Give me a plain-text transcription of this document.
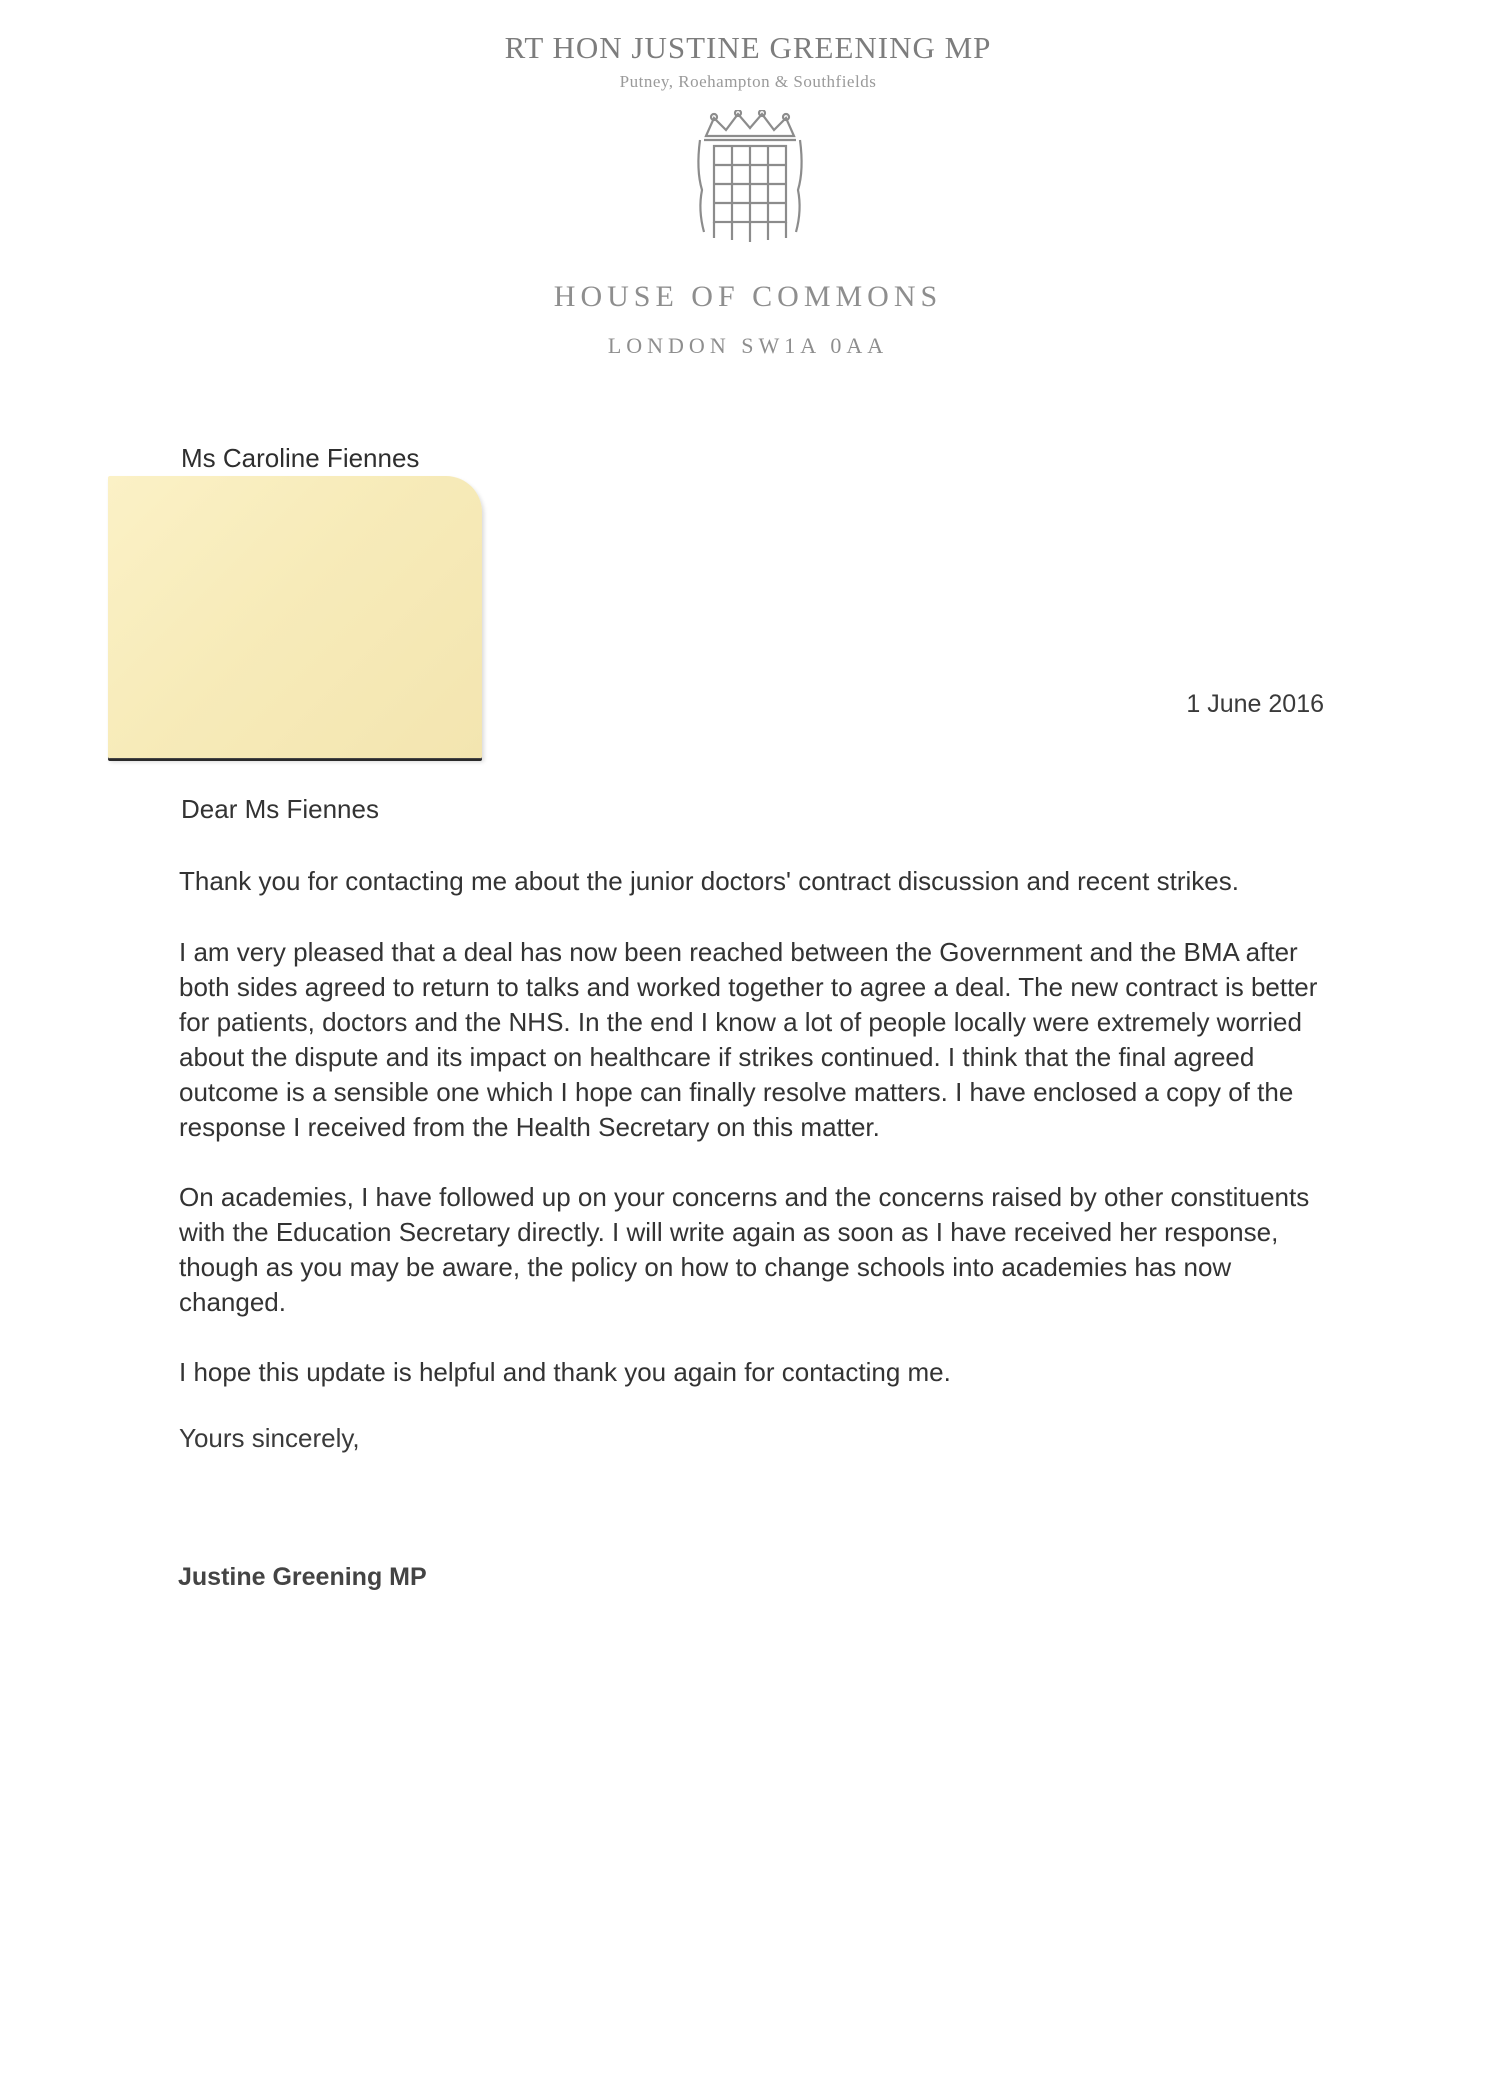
RT HON JUSTINE GREENING MP
Putney, Roehampton & Southfields
HOUSE OF COMMONS
LONDON SW1A 0AA
Ms Caroline Fiennes
1 June 2016
Dear Ms Fiennes

Thank you for contacting me about the junior doctors' contract discussion and recent strikes.

I am very pleased that a deal has now been reached between the Government and the BMA after both sides agreed to return to talks and worked together to agree a deal. The new contract is better for patients, doctors and the NHS. In the end I know a lot of people locally were extremely worried about the dispute and its impact on healthcare if strikes continued. I think that the final agreed outcome is a sensible one which I hope can finally resolve matters. I have enclosed a copy of the response I received from the Health Secretary on this matter.

On academies, I have followed up on your concerns and the concerns raised by other constituents with the Education Secretary directly. I will write again as soon as I have received her response, though as you may be aware, the policy on how to change schools into academies has now changed.

I hope this update is helpful and thank you again for contacting me.

Yours sincerely,
Justine Greening MP
